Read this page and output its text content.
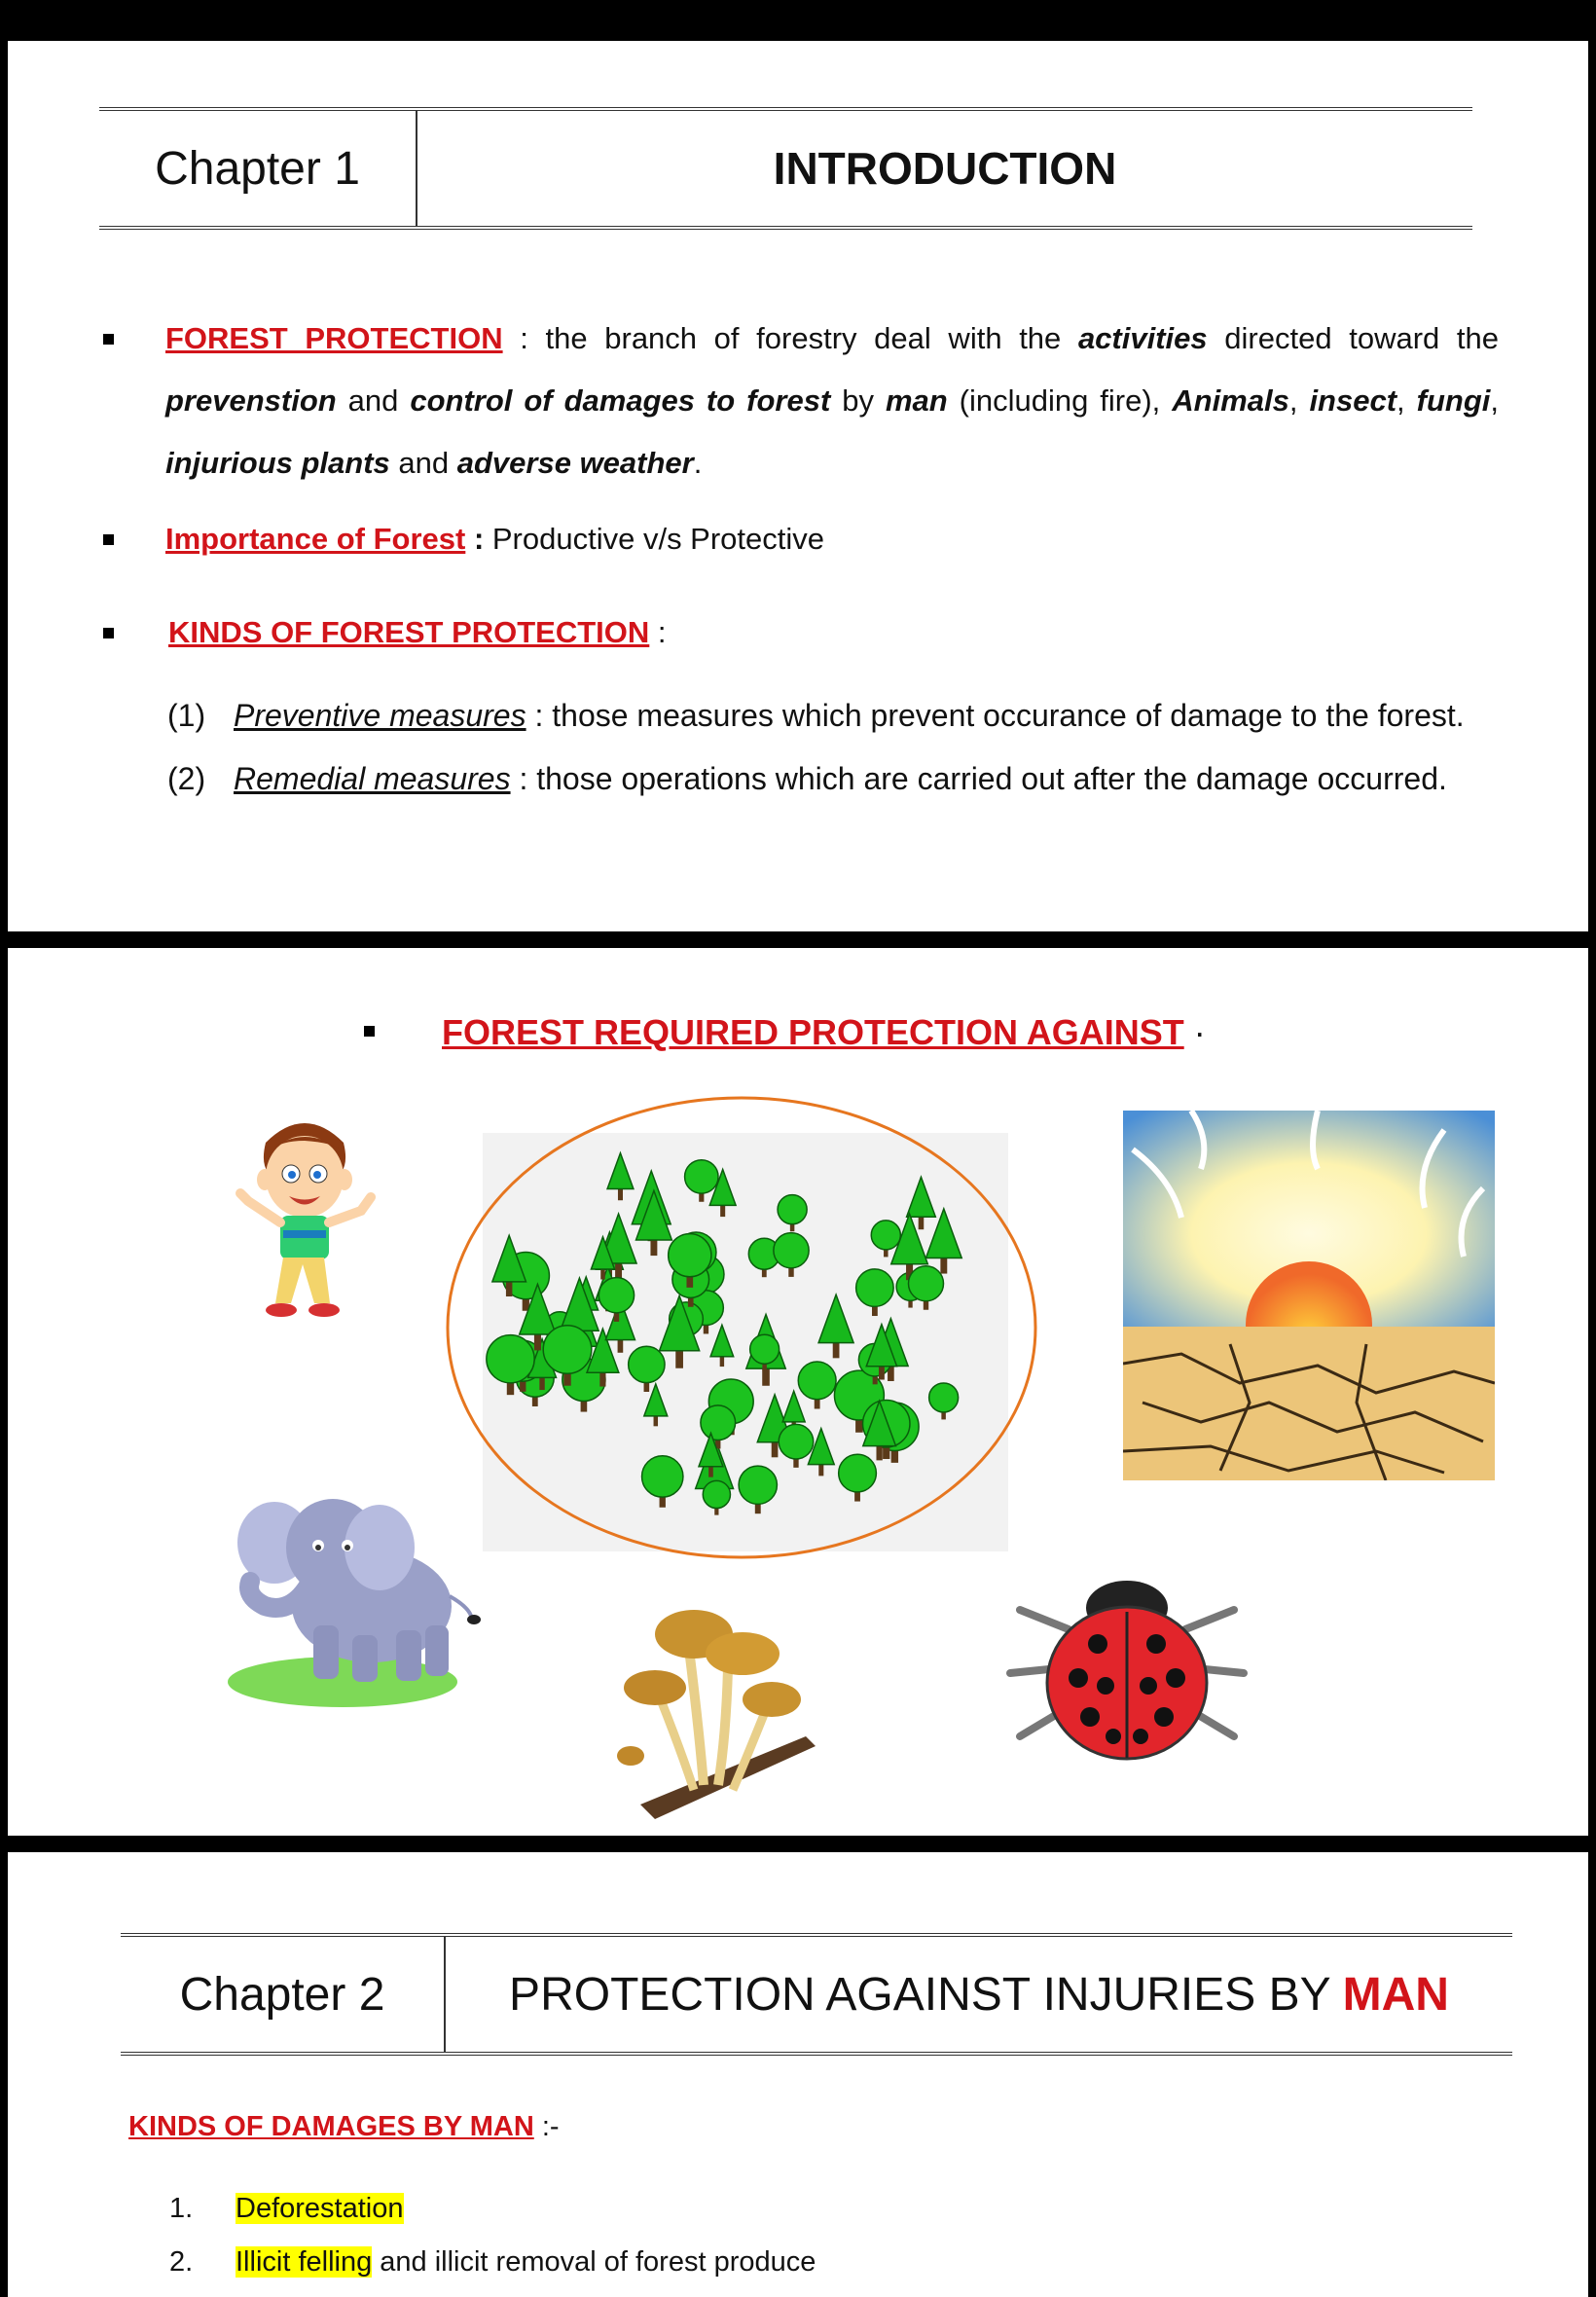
Chapter 1	INTRODUCTION
FOREST PROTECTION : the branch of forestry deal with the activities directed toward the
prevenstion and control of damages to forest by man (including fire), Animals, insect, fungi,
injurious plants and adverse weather.
Importance of Forest : Productive v/s Protective
KINDS OF FOREST PROTECTION :
(1) Preventive measures : those measures which prevent occurance of damage to the forest.
(2) Remedial measures : those operations which are carried out after the damage occurred.
FOREST REQUIRED PROTECTION AGAINST ·
Chapter 2	PROTECTION AGAINST INJURIES BY MAN
KINDS OF DAMAGES BY MAN :-
1. Deforestation
2. Illicit felling and illicit removal of forest produce
